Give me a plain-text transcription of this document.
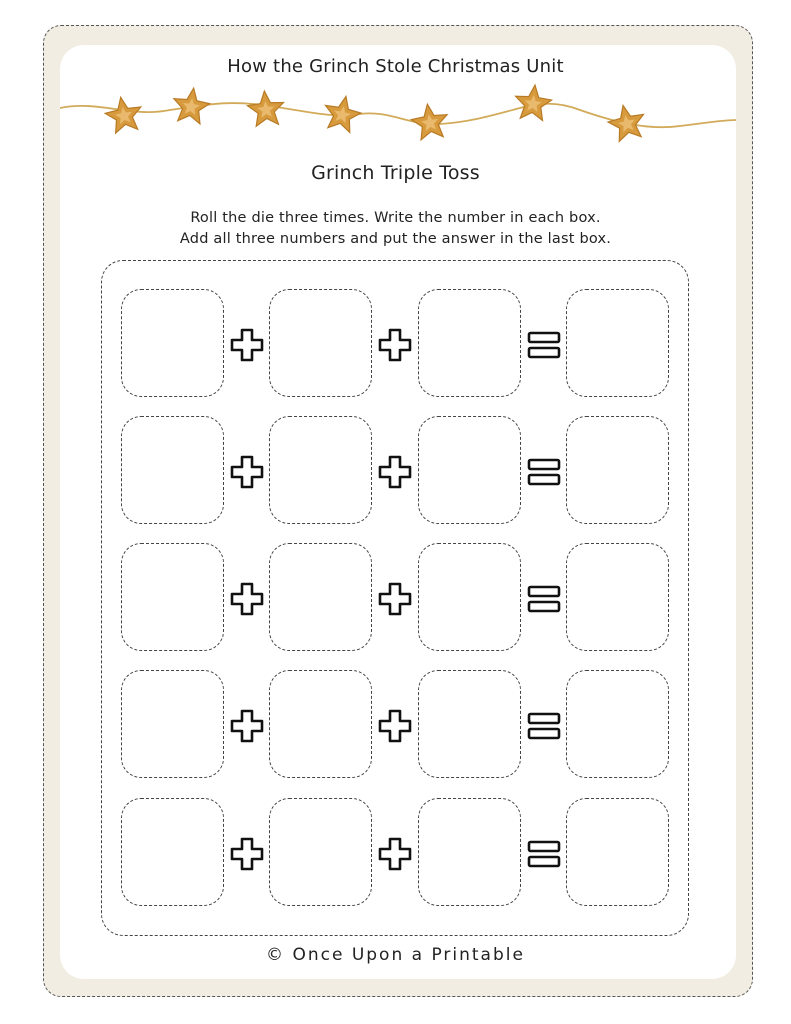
How the Grinch Stole Christmas Unit
Grinch Triple Toss
Roll the die three times. Write the number in each box.
Add all three numbers and put the answer in the last box.
© Once Upon a Printable
